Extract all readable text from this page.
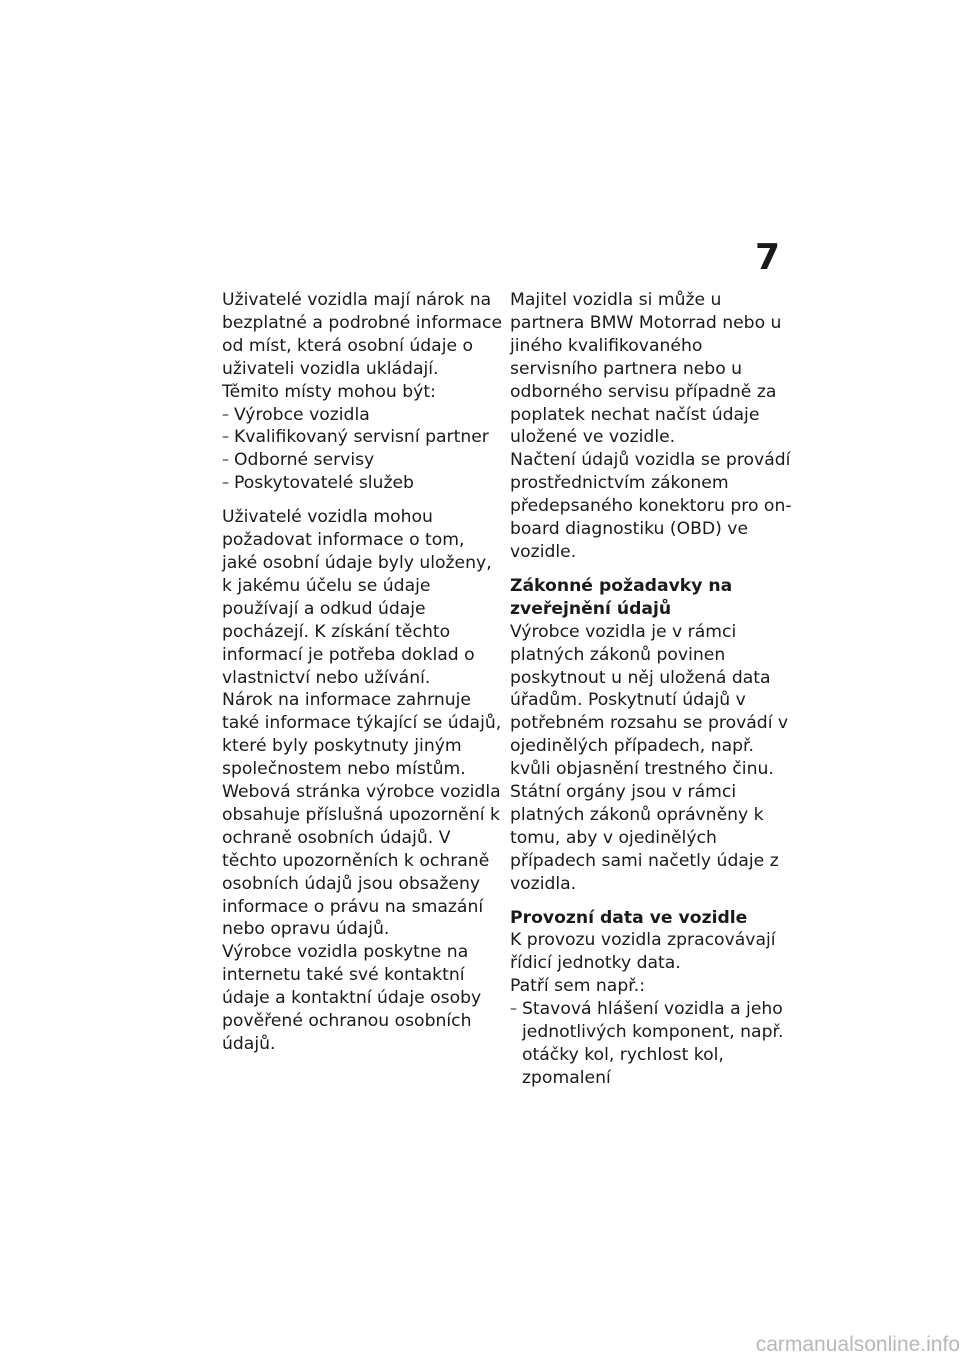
7

Uživatelé vozidla mají nárok na bezplatné a podrobné informace od míst, která osobní údaje o uživateli vozidla ukládají.

Těmito místy mohou být:

– Výrobce vozidla
– Kvalifikovaný servisní partner
– Odborné servisy
– Poskytovatelé služeb

Uživatelé vozidla mohou požadovat informace o tom, jaké osobní údaje byly uloženy, k jakému účelu se údaje používají a odkud údaje pocházejí. K získání těchto informací je potřeba doklad o vlastnictví nebo užívání.

Nárok na informace zahrnuje také informace týkající se údajů, které byly poskytnuty jiným společnostem nebo místům.

Webová stránka výrobce vozidla obsahuje příslušná upozornění k ochraně osobních údajů. V těchto upozorněních k ochraně osobních údajů jsou obsaženy informace o právu na smazání nebo opravu údajů.

Výrobce vozidla poskytne na internetu také své kontaktní údaje a kontaktní údaje osoby pověřené ochranou osobních údajů.

Majitel vozidla si může u partnera BMW Motorrad nebo u jiného kvalifikovaného servisního partnera nebo u odborného servisu případně za poplatek nechat načíst údaje uložené ve vozidle.

Načtení údajů vozidla se provádí prostřednictvím zákonem předepsaného konektoru pro on-board diagnostiku (OBD) ve vozidle.

Zákonné požadavky na zveřejnění údajů

Výrobce vozidla je v rámci platných zákonů povinen poskytnout u něj uložená data úřadům. Poskytnutí údajů v potřebném rozsahu se provádí v ojedinělých případech, např. kvůli objasnění trestného činu.

Státní orgány jsou v rámci platných zákonů oprávněny k tomu, aby v ojedinělých případech sami načetly údaje z vozidla.

Provozní data ve vozidle

K provozu vozidla zpracovávají řídicí jednotky data.

Patří sem např.:

– Stavová hlášení vozidla a jeho jednotlivých komponent, např. otáčky kol, rychlost kol, zpomalení
carmanualsonline.info
